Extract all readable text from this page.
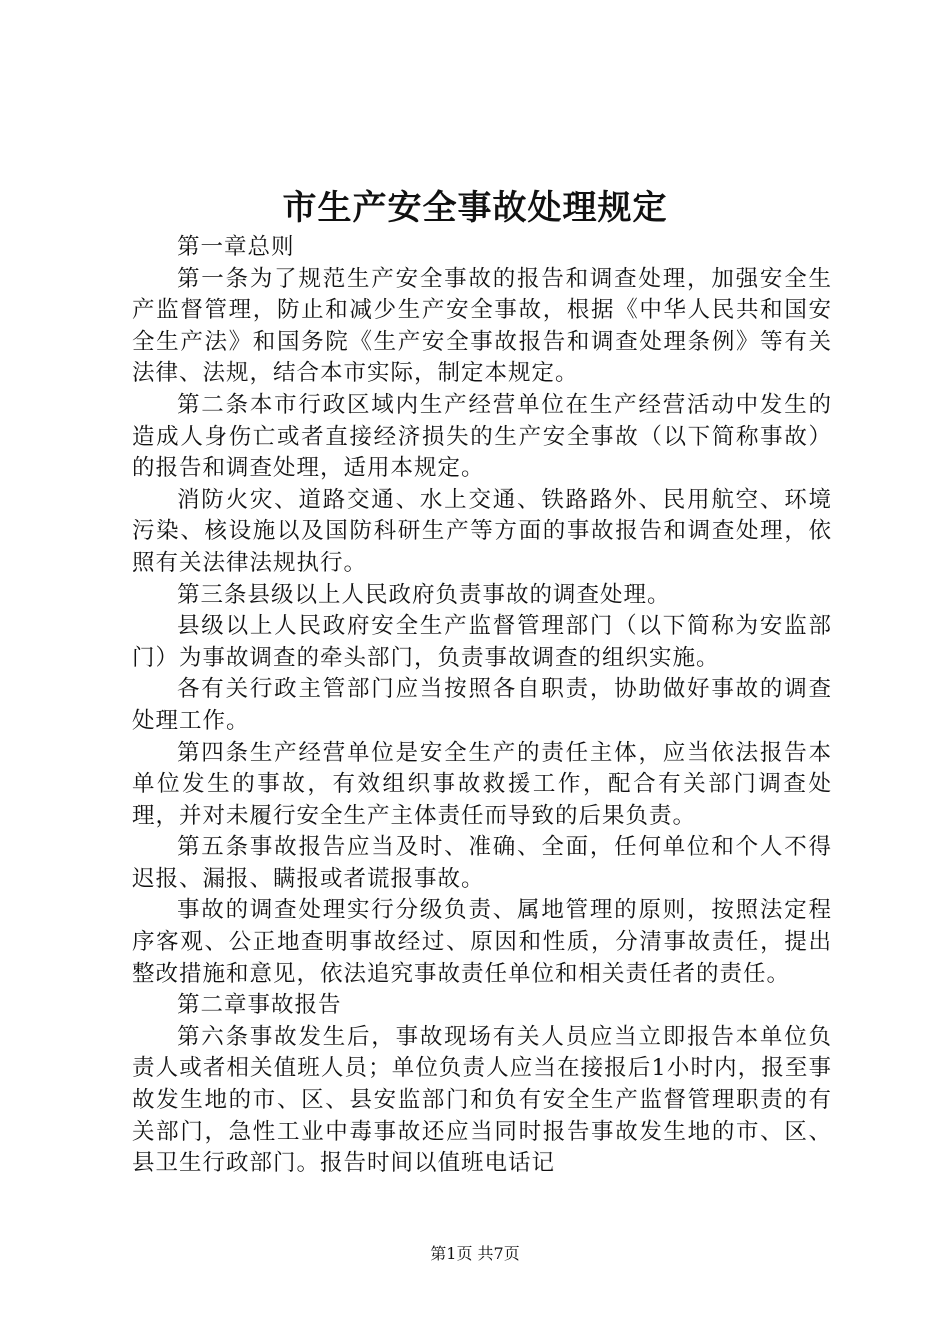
市生产安全事故处理规定

第一章总则

第一条为了规范生产安全事故的报告和调查处理，加强安全生产监督管理，防止和减少生产安全事故，根据《中华人民共和国安全生产法》和国务院《生产安全事故报告和调查处理条例》等有关法律、法规，结合本市实际，制定本规定。

第二条本市行政区域内生产经营单位在生产经营活动中发生的造成人身伤亡或者直接经济损失的生产安全事故（以下简称事故）的报告和调查处理，适用本规定。

消防火灾、道路交通、水上交通、铁路路外、民用航空、环境污染、核设施以及国防科研生产等方面的事故报告和调查处理，依照有关法律法规执行。

第三条县级以上人民政府负责事故的调查处理。

县级以上人民政府安全生产监督管理部门（以下简称为安监部门）为事故调查的牵头部门，负责事故调查的组织实施。

各有关行政主管部门应当按照各自职责，协助做好事故的调查处理工作。

第四条生产经营单位是安全生产的责任主体，应当依法报告本单位发生的事故，有效组织事故救援工作，配合有关部门调查处理，并对未履行安全生产主体责任而导致的后果负责。

第五条事故报告应当及时、准确、全面，任何单位和个人不得迟报、漏报、瞒报或者谎报事故。

事故的调查处理实行分级负责、属地管理的原则，按照法定程序客观、公正地查明事故经过、原因和性质，分清事故责任，提出整改措施和意见，依法追究事故责任单位和相关责任者的责任。

第二章事故报告

第六条事故发生后，事故现场有关人员应当立即报告本单位负责人或者相关值班人员；单位负责人应当在接报后1小时内，报至事故发生地的市、区、县安监部门和负有安全生产监督管理职责的有关部门，急性工业中毒事故还应当同时报告事故发生地的市、区、县卫生行政部门。报告时间以值班电话记

第1页 共7页
